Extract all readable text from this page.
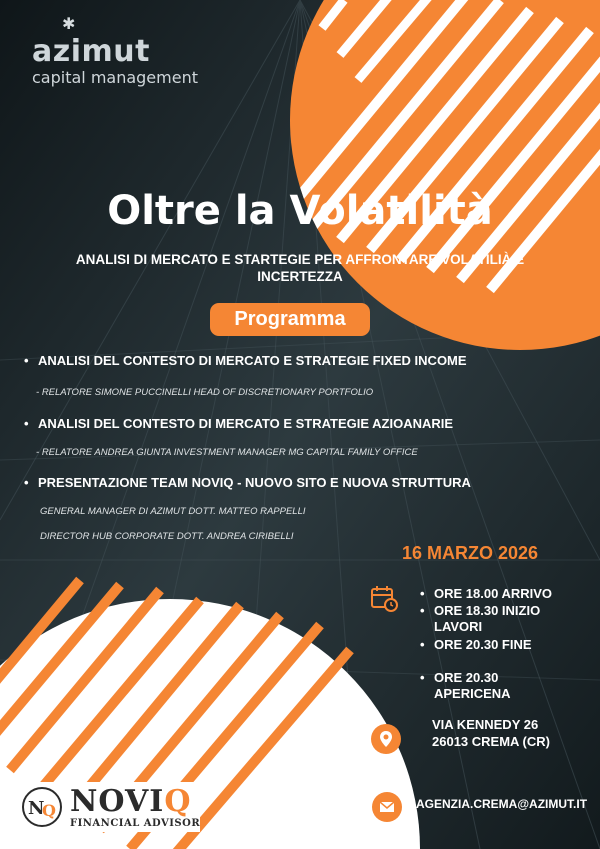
✱
azimut
capital management
Oltre la Volatilità
ANALISI DI MERCATO E STARTEGIE PER AFFRONTARE VOLATILIÀ E INCERTEZZA
Programma
• ANALISI DEL CONTESTO DI MERCATO E STRATEGIE FIXED INCOME
- RELATORE SIMONE PUCCINELLI HEAD OF DISCRETIONARY PORTFOLIO
• ANALISI DEL CONTESTO DI MERCATO E STRATEGIE AZIOANARIE
- RELATORE ANDREA GIUNTA INVESTMENT MANAGER MG CAPITAL FAMILY OFFICE
• PRESENTAZIONE TEAM NOVIQ - NUOVO SITO E NUOVA STRUTTURA
GENERAL MANAGER DI AZIMUT DOTT. MATTEO RAPPELLI
DIRECTOR HUB CORPORATE DOTT. ANDREA CIRIBELLI
16 MARZO 2026
• ORE 18.00 ARRIVO
• ORE 18.30 INIZIO LAVORI
• ORE 20.30 FINE
• ORE 20.30 APERICENA
VIA KENNEDY 26
26013 CREMA (CR)
AGENZIA.CREMA@AZIMUT.IT
N
Q NOVIQ
FINANCIAL ADVISOR
